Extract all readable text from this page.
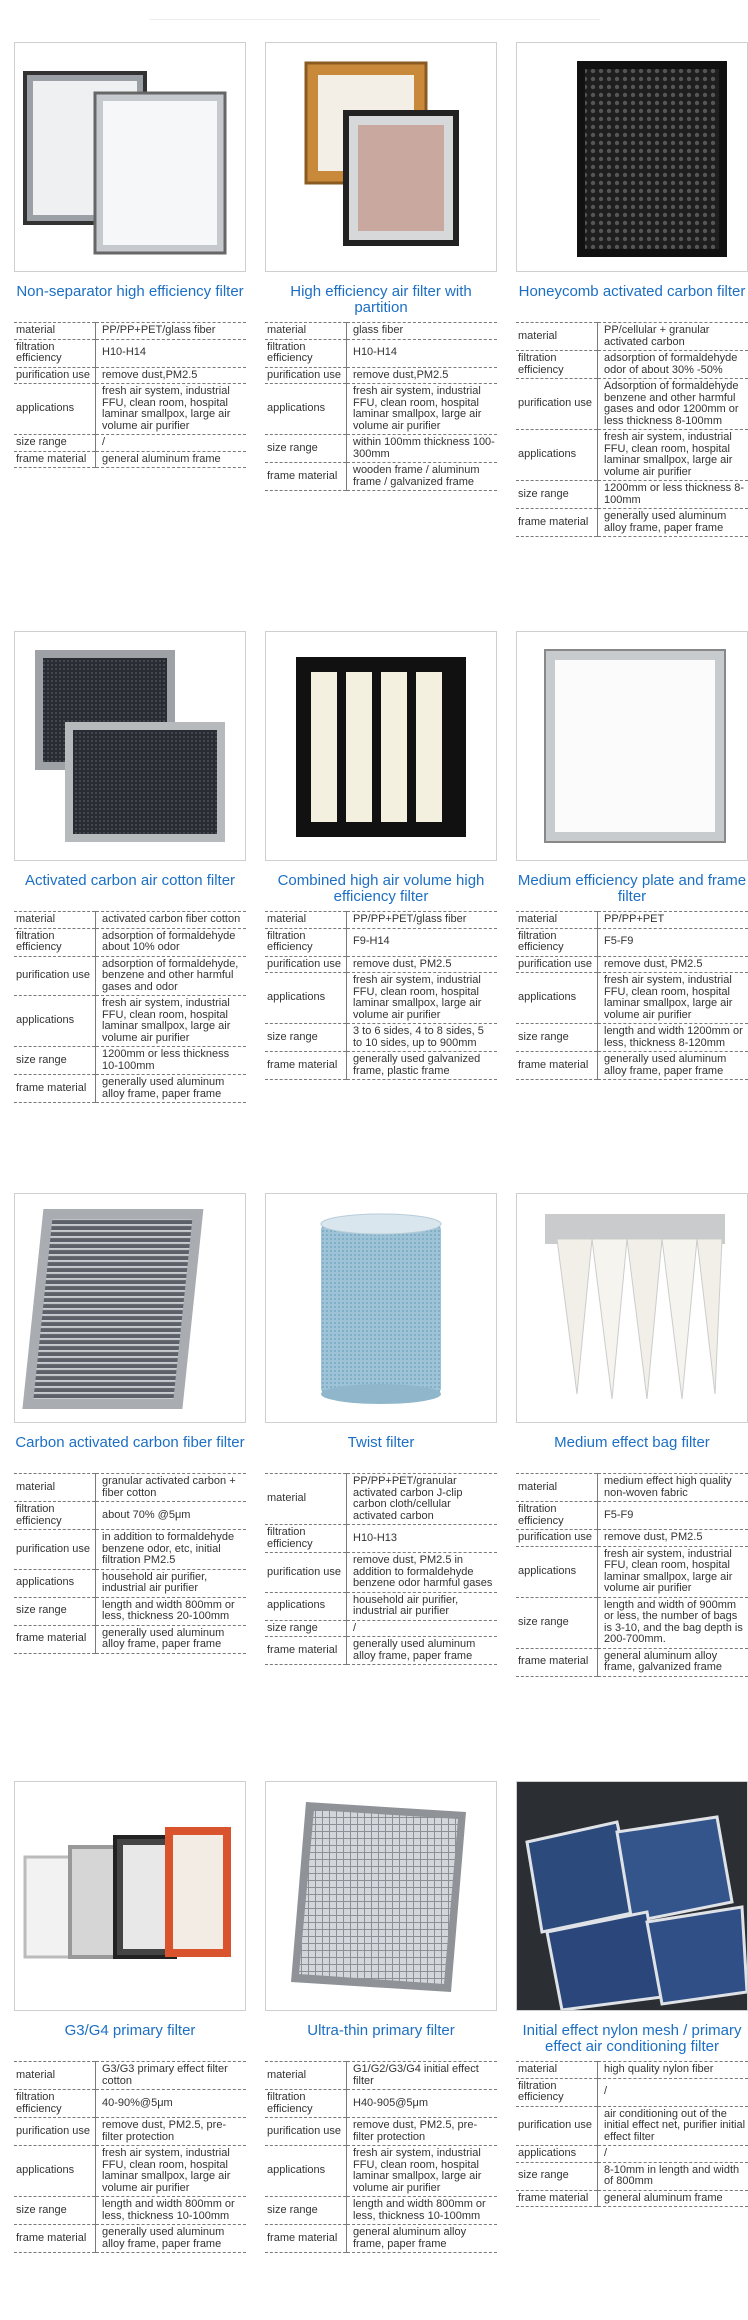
Non-separator high efficiency filter
material	PP/PP+PET/glass fiber
filtration efficiency	H10-H14
purification use	remove dust,PM2.5
applications	fresh air system, industrial FFU, clean room, hospital laminar smallpox, large air volume air purifier
size range	/
frame material	general aluminum frame
High efficiency air filter with partition
material	glass fiber
filtration efficiency	H10-H14
purification use	remove dust,PM2.5
applications	fresh air system, industrial FFU, clean room, hospital laminar smallpox, large air volume air purifier
size range	within 100mm thickness 100-300mm
frame material	wooden frame / aluminum frame / galvanized frame
Honeycomb activated carbon filter
material	PP/cellular + granular activated carbon
filtration efficiency	adsorption of formaldehyde odor of about 30% -50%
purification use	Adsorption of formaldehyde benzene and other harmful gases and odor 1200mm or less thickness 8-100mm
applications	fresh air system, industrial FFU, clean room, hospital laminar smallpox, large air volume air purifier
size range	1200mm or less thickness 8-100mm
frame material	generally used aluminum alloy frame, paper frame
Activated carbon air cotton filter
material	activated carbon fiber cotton
filtration efficiency	adsorption of formaldehyde about 10% odor
purification use	adsorption of formaldehyde, benzene and other harmful gases and odor
applications	fresh air system, industrial FFU, clean room, hospital laminar smallpox, large air volume air purifier
size range	1200mm or less thickness 10-100mm
frame material	generally used aluminum alloy frame, paper frame
Combined high air volume high efficiency filter
material	PP/PP+PET/glass fiber
filtration efficiency	F9-H14
purification use	remove dust, PM2.5
applications	fresh air system, industrial FFU, clean room, hospital laminar smallpox, large air volume air purifier
size range	3 to 6 sides, 4 to 8 sides, 5 to 10 sides, up to 900mm
frame material	generally used galvanized frame, plastic frame
Medium efficiency plate and frame filter
material	PP/PP+PET
filtration efficiency	F5-F9
purification use	remove dust, PM2.5
applications	fresh air system, industrial FFU, clean room, hospital laminar smallpox, large air volume air purifier
size range	length and width 1200mm or less, thickness 8-120mm
frame material	generally used aluminum alloy frame, paper frame
Carbon activated carbon fiber filter
material	granular activated carbon + fiber cotton
filtration efficiency	about 70% @5μm
purification use	in addition to formaldehyde benzene odor, etc, initial filtration PM2.5
applications	household air purifier, industrial air purifier
size range	length and width 800mm or less, thickness 20-100mm
frame material	generally used aluminum alloy frame, paper frame
Twist filter
material	PP/PP+PET/granular activated carbon J-clip carbon cloth/cellular activated carbon
filtration efficiency	H10-H13
purification use	remove dust, PM2.5 in addition to formaldehyde benzene odor harmful gases
applications	household air purifier, industrial air purifier
size range	/
frame material	generally used aluminum alloy frame, paper frame
Medium effect bag filter
material	medium effect high quality non-woven fabric
filtration efficiency	F5-F9
purification use	remove dust, PM2.5
applications	fresh air system, industrial FFU, clean room, hospital laminar smallpox, large air volume air purifier
size range	length and width of 900mm or less, the number of bags is 3-10, and the bag depth is 200-700mm.
frame material	general aluminum alloy frame, galvanized frame
G3/G4 primary filter
material	G3/G3 primary effect filter cotton
filtration efficiency	40-90%@5μm
purification use	remove dust, PM2.5, pre-filter protection
applications	fresh air system, industrial FFU, clean room, hospital laminar smallpox, large air volume air purifier
size range	length and width 800mm or less, thickness 10-100mm
frame material	generally used aluminum alloy frame, paper frame
Ultra-thin primary filter
material	G1/G2/G3/G4 initial effect filter
filtration efficiency	H40-905@5μm
purification use	remove dust, PM2.5, pre-filter protection
applications	fresh air system, industrial FFU, clean room, hospital laminar smallpox, large air volume air purifier
size range	length and width 800mm or less, thickness 10-100mm
frame material	general aluminum alloy frame, paper frame
Initial effect nylon mesh / primary effect air conditioning filter
material	high quality nylon fiber
filtration efficiency	/
purification use	air conditioning out of the initial effect net, purifier initial effect filter
applications	/
size range	8-10mm in length and width of 800mm
frame material	general aluminum frame
